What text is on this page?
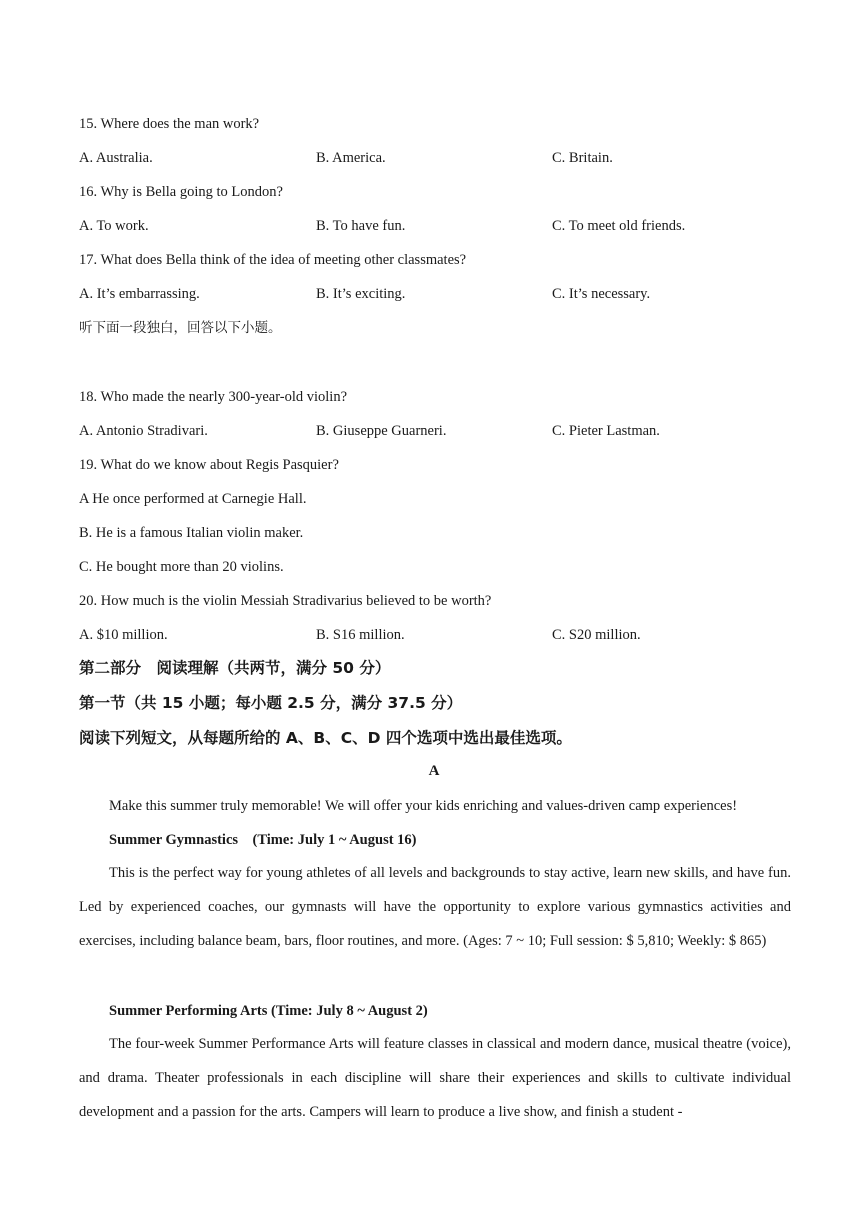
15. Where does the man work?
A. Australia.	B. America.	C. Britain.
16. Why is Bella going to London?
A. To work.	B. To have fun.	C. To meet old friends.
17. What does Bella think of the idea of meeting other classmates?
A. It’s embarrassing.	B. It’s exciting.	C. It’s necessary.
听下面一段独白，回答以下小题。
18. Who made the nearly 300-year-old violin?
A. Antonio Stradivari.	B. Giuseppe Guarneri.	C. Pieter Lastman.
19. What do we know about Regis Pasquier?
A He once performed at Carnegie Hall.
B. He is a famous Italian violin maker.
C. He bought more than 20 violins.
20. How much is the violin Messiah Stradivarius believed to be worth?
A. $10 million.	B. S16 million.	C. S20 million.
第二部分　阅读理解（共两节，满分 50 分）
第一节（共 15 小题；每小题 2.5 分，满分 37.5 分）
阅读下列短文，从每题所给的 A、B、C、D 四个选项中选出最佳选项。
A
Make this summer truly memorable! We will offer your kids enriching and values-driven camp experiences!
Summer Gymnastics　(Time: July 1 ~ August 16)
This is the perfect way for young athletes of all levels and backgrounds to stay active, learn new skills, and have fun. Led by experienced coaches, our gymnasts will have the opportunity to explore various gymnastics activities and exercises, including balance beam, bars, floor routines, and more. (Ages: 7 ~ 10; Full session: $ 5,810; Weekly: $ 865)
Summer Performing Arts (Time: July 8 ~ August 2)
The four-week Summer Performance Arts will feature classes in classical and modern dance, musical theatre (voice), and drama. Theater professionals in each discipline will share their experiences and skills to cultivate individual development and a passion for the arts. Campers will learn to produce a live show, and finish a student -
